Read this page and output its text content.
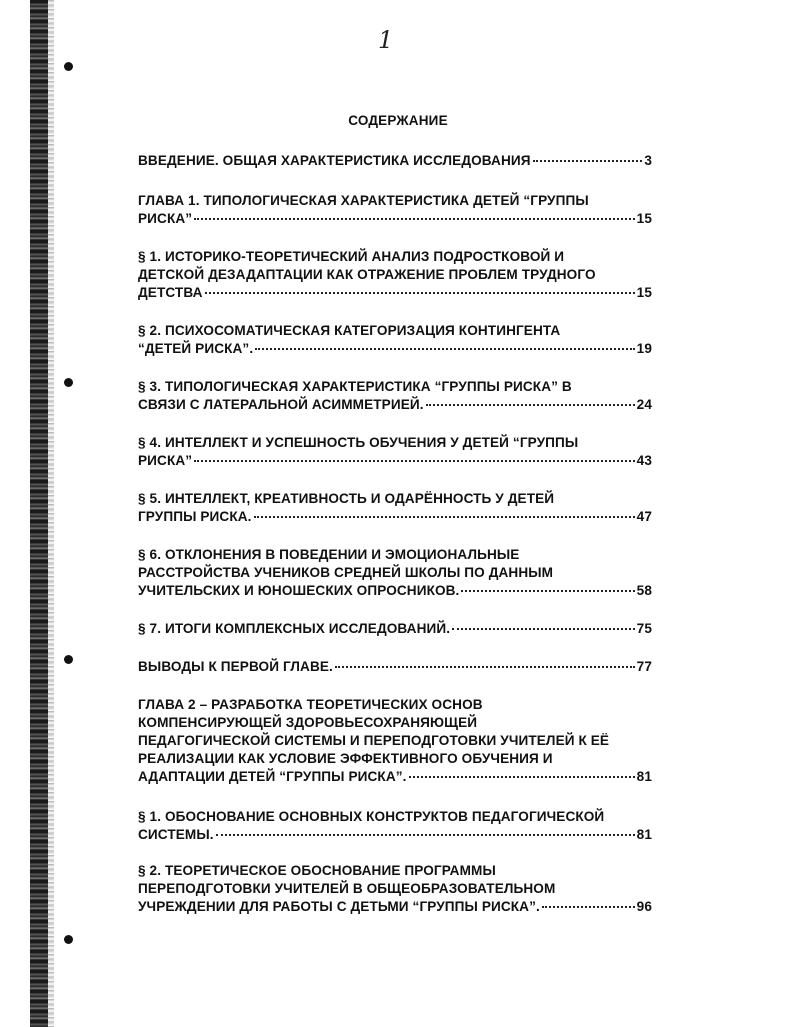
1
СОДЕРЖАНИЕ
ВВЕДЕНИЕ. ОБЩАЯ ХАРАКТЕРИСТИКА ИССЛЕДОВАНИЯ	3
ГЛАВА 1. ТИПОЛОГИЧЕСКАЯ ХАРАКТЕРИСТИКА ДЕТЕЙ “ГРУППЫ
РИСКА”	15
§ 1. ИСТОРИКО-ТЕОРЕТИЧЕСКИЙ АНАЛИЗ ПОДРОСТКОВОЙ И
ДЕТСКОЙ ДЕЗАДАПТАЦИИ КАК ОТРАЖЕНИЕ ПРОБЛЕМ ТРУДНОГО
ДЕТСТВА	15
§ 2. ПСИХОСОМАТИЧЕСКАЯ КАТЕГОРИЗАЦИЯ КОНТИНГЕНТА
“ДЕТЕЙ РИСКА”.	19
§ 3. ТИПОЛОГИЧЕСКАЯ ХАРАКТЕРИСТИКА “ГРУППЫ РИСКА” В
СВЯЗИ С ЛАТЕРАЛЬНОЙ АСИММЕТРИЕЙ.	24
§ 4. ИНТЕЛЛЕКТ И УСПЕШНОСТЬ ОБУЧЕНИЯ У ДЕТЕЙ “ГРУППЫ
РИСКА”	43
§ 5. ИНТЕЛЛЕКТ, КРЕАТИВНОСТЬ И ОДАРЁННОСТЬ У ДЕТЕЙ
ГРУППЫ РИСКА.	47
§ 6. ОТКЛОНЕНИЯ В ПОВЕДЕНИИ И ЭМОЦИОНАЛЬНЫЕ
РАССТРОЙСТВА УЧЕНИКОВ СРЕДНЕЙ ШКОЛЫ ПО ДАННЫМ
УЧИТЕЛЬСКИХ И ЮНОШЕСКИХ ОПРОСНИКОВ.	58
§ 7. ИТОГИ КОМПЛЕКСНЫХ ИССЛЕДОВАНИЙ.	75
ВЫВОДЫ К ПЕРВОЙ ГЛАВЕ.	77
ГЛАВА 2 – РАЗРАБОТКА ТЕОРЕТИЧЕСКИХ ОСНОВ
КОМПЕНСИРУЮЩЕЙ ЗДОРОВЬЕСОХРАНЯЮЩЕЙ
ПЕДАГОГИЧЕСКОЙ СИСТЕМЫ И ПЕРЕПОДГОТОВКИ УЧИТЕЛЕЙ К ЕЁ
РЕАЛИЗАЦИИ КАК УСЛОВИЕ ЭФФЕКТИВНОГО ОБУЧЕНИЯ И
АДАПТАЦИИ ДЕТЕЙ “ГРУППЫ РИСКА”.	81
§ 1. ОБОСНОВАНИЕ ОСНОВНЫХ КОНСТРУКТОВ ПЕДАГОГИЧЕСКОЙ
СИСТЕМЫ.	81
§ 2. ТЕОРЕТИЧЕСКОЕ ОБОСНОВАНИЕ ПРОГРАММЫ
ПЕРЕПОДГОТОВКИ УЧИТЕЛЕЙ В ОБЩЕОБРАЗОВАТЕЛЬНОМ
УЧРЕЖДЕНИИ ДЛЯ РАБОТЫ С ДЕТЬМИ “ГРУППЫ РИСКА”.	96
